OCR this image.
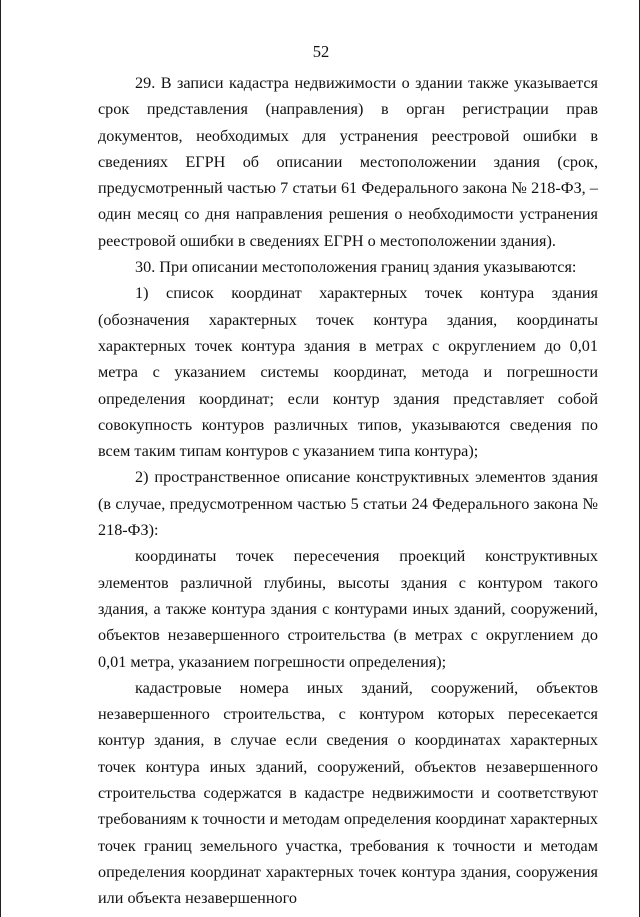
52

29. В записи кадастра недвижимости о здании также указывается срок представления (направления) в орган регистрации прав документов, необходимых для устранения реестровой ошибки в сведениях ЕГРН об описании местоположении здания (срок, предусмотренный частью 7 статьи 61 Федерального закона № 218-ФЗ, – один месяц со дня направления решения о необходимости устранения реестровой ошибки в сведениях ЕГРН о местоположении здания).

30. При описании местоположения границ здания указываются:

1) список координат характерных точек контура здания (обозначения характерных точек контура здания, координаты характерных точек контура здания в метрах с округлением до 0,01 метра с указанием системы координат, метода и погрешности определения координат; если контур здания представляет собой совокупность контуров различных типов, указываются сведения по всем таким типам контуров с указанием типа контура);

2) пространственное описание конструктивных элементов здания (в случае, предусмотренном частью 5 статьи 24 Федерального закона № 218-ФЗ):

координаты точек пересечения проекций конструктивных элементов различной глубины, высоты здания с контуром такого здания, а также контура здания с контурами иных зданий, сооружений, объектов незавершенного строительства (в метрах с округлением до 0,01 метра, указанием погрешности определения);

кадастровые номера иных зданий, сооружений, объектов незавершенного строительства, с контуром которых пересекается контур здания, в случае если сведения о координатах характерных точек контура иных зданий, сооружений, объектов незавершенного строительства содержатся в кадастре недвижимости и соответствуют требованиям к точности и методам определения координат характерных точек границ земельного участка, требования к точности и методам определения координат характерных точек контура здания, сооружения или объекта незавершенного
